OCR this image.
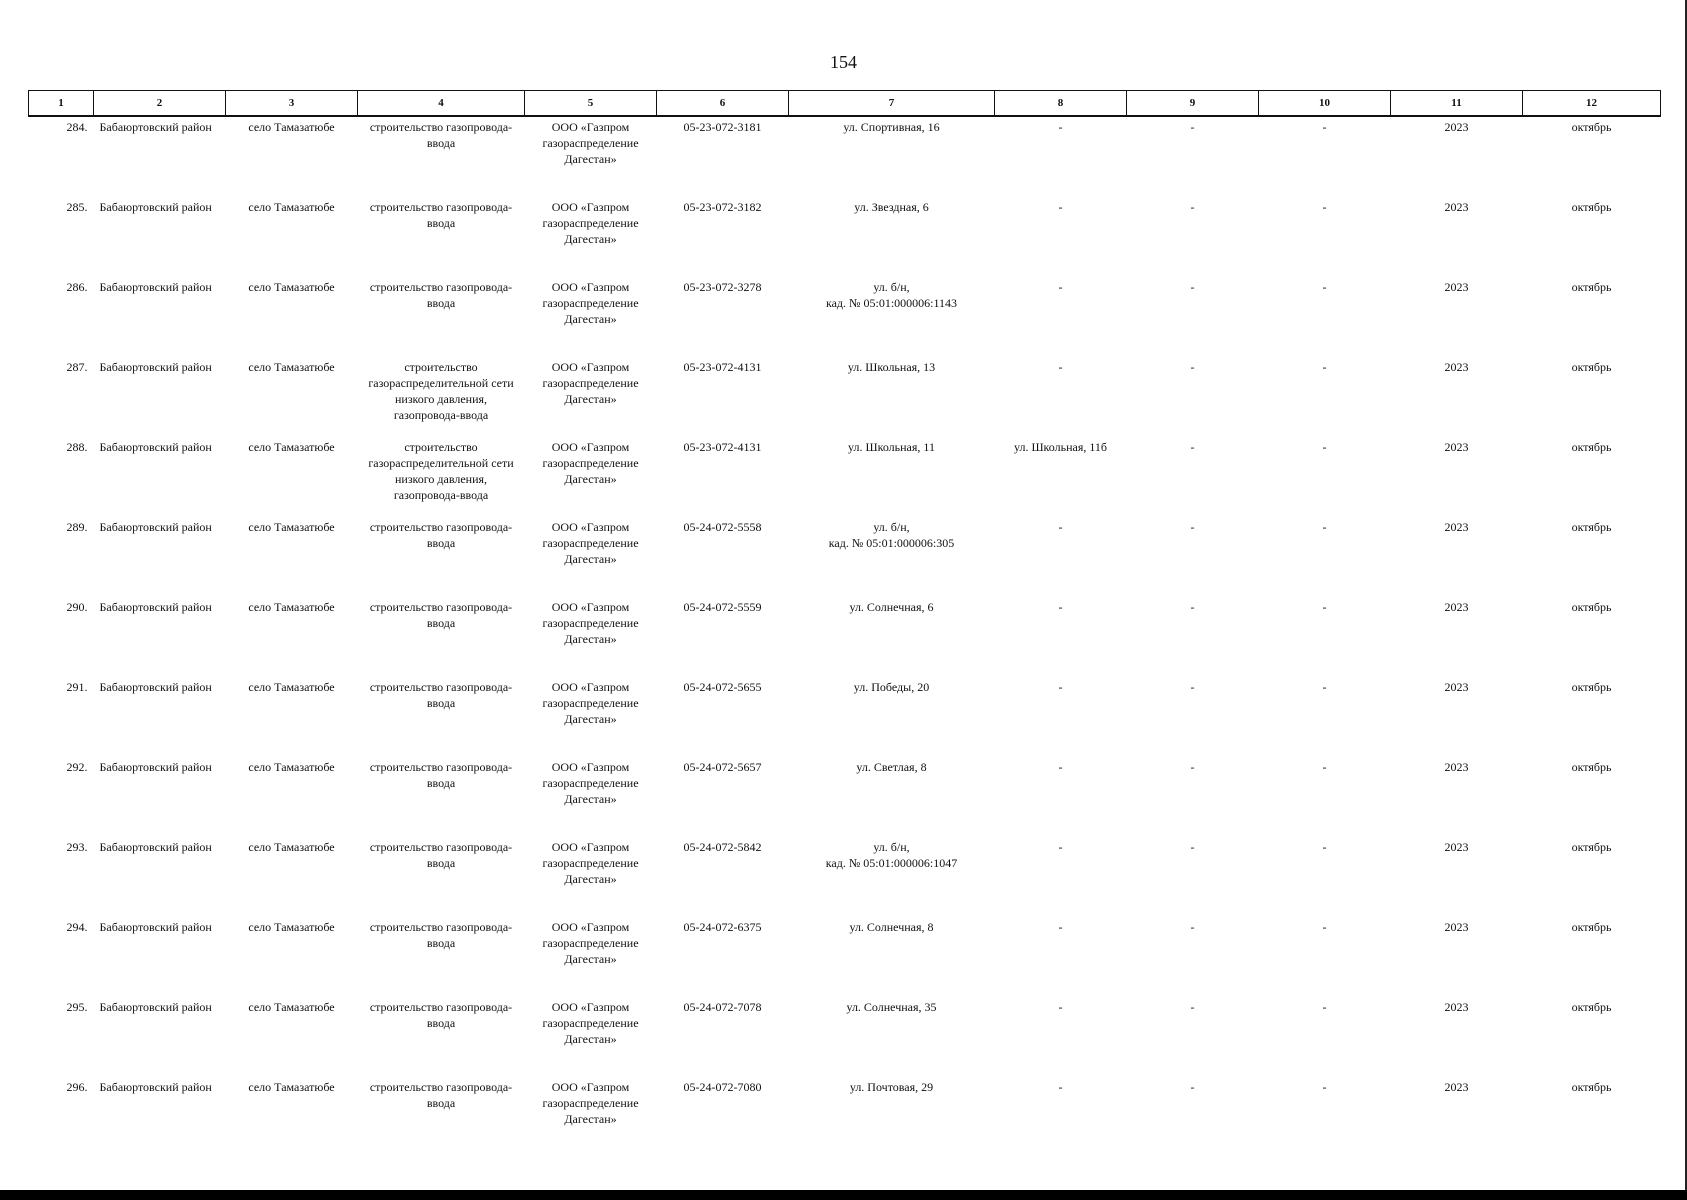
154
1	2	3	4	5	6	7	8	9	10	11	12
284.	Бабаюртовский район	село Тамазатюбе	строительство газопровода-
ввода	ООО «Газпром
газораспределение
Дагестан»	05-23-072-3181	ул. Спортивная, 16	-	-	-	2023	октябрь
285.	Бабаюртовский район	село Тамазатюбе	строительство газопровода-
ввода	ООО «Газпром
газораспределение
Дагестан»	05-23-072-3182	ул. Звездная, 6	-	-	-	2023	октябрь
286.	Бабаюртовский район	село Тамазатюбе	строительство газопровода-
ввода	ООО «Газпром
газораспределение
Дагестан»	05-23-072-3278	ул. б/н,
кад. № 05:01:000006:1143	-	-	-	2023	октябрь
287.	Бабаюртовский район	село Тамазатюбе	строительство
газораспределительной сети
низкого давления,
газопровода-ввода	ООО «Газпром
газораспределение
Дагестан»	05-23-072-4131	ул. Школьная, 13	-	-	-	2023	октябрь
288.	Бабаюртовский район	село Тамазатюбе	строительство
газораспределительной сети
низкого давления,
газопровода-ввода	ООО «Газпром
газораспределение
Дагестан»	05-23-072-4131	ул. Школьная, 11	ул. Школьная, 11б	-	-	2023	октябрь
289.	Бабаюртовский район	село Тамазатюбе	строительство газопровода-
ввода	ООО «Газпром
газораспределение
Дагестан»	05-24-072-5558	ул. б/н,
кад. № 05:01:000006:305	-	-	-	2023	октябрь
290.	Бабаюртовский район	село Тамазатюбе	строительство газопровода-
ввода	ООО «Газпром
газораспределение
Дагестан»	05-24-072-5559	ул. Солнечная, 6	-	-	-	2023	октябрь
291.	Бабаюртовский район	село Тамазатюбе	строительство газопровода-
ввода	ООО «Газпром
газораспределение
Дагестан»	05-24-072-5655	ул. Победы, 20	-	-	-	2023	октябрь
292.	Бабаюртовский район	село Тамазатюбе	строительство газопровода-
ввода	ООО «Газпром
газораспределение
Дагестан»	05-24-072-5657	ул. Светлая, 8	-	-	-	2023	октябрь
293.	Бабаюртовский район	село Тамазатюбе	строительство газопровода-
ввода	ООО «Газпром
газораспределение
Дагестан»	05-24-072-5842	ул. б/н,
кад. № 05:01:000006:1047	-	-	-	2023	октябрь
294.	Бабаюртовский район	село Тамазатюбе	строительство газопровода-
ввода	ООО «Газпром
газораспределение
Дагестан»	05-24-072-6375	ул. Солнечная, 8	-	-	-	2023	октябрь
295.	Бабаюртовский район	село Тамазатюбе	строительство газопровода-
ввода	ООО «Газпром
газораспределение
Дагестан»	05-24-072-7078	ул. Солнечная, 35	-	-	-	2023	октябрь
296.	Бабаюртовский район	село Тамазатюбе	строительство газопровода-
ввода	ООО «Газпром
газораспределение
Дагестан»	05-24-072-7080	ул. Почтовая, 29	-	-	-	2023	октябрь
